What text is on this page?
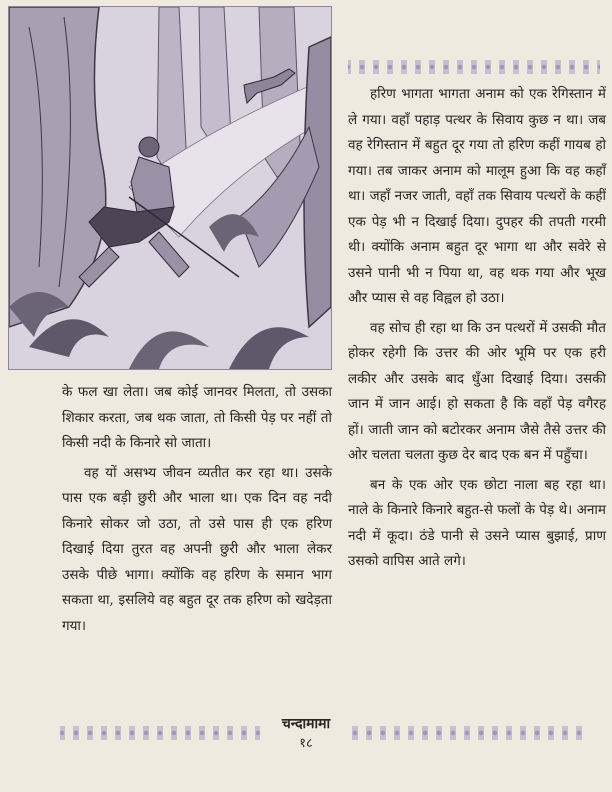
हरिण भागता भागता अनाम को एक रेगिस्तान में ले गया। वहाँ पहाड़ पत्थर के सिवाय कुछ न था। जब वह रेगिस्तान में बहुत दूर गया तो हरिण कहीं गायब हो गया। तब जाकर अनाम को मालूम हुआ कि वह कहाँ था। जहाँ नजर जाती, वहाँ तक सिवाय पत्थरों के कहीं एक पेड़ भी न दिखाई दिया। दुपहर की तपती गरमी थी। क्योंकि अनाम बहुत दूर भागा था और सवेरे से उसने पानी भी न पिया था, वह थक गया और भूख और प्यास से वह विह्वल हो उठा।

वह सोच ही रहा था कि उन पत्थरों में उसकी मौत होकर रहेगी कि उत्तर की ओर भूमि पर एक हरी लकीर और उसके बाद धुँआ दिखाई दिया। उसकी जान में जान आई। हो सकता है कि वहाँ पेड़ वगैरह हों। जाती जान को बटोरकर अनाम जैसे तैसे उत्तर की ओर चलता चलता कुछ देर बाद एक बन में पहुँचा।

बन के एक ओर एक छोटा नाला बह रहा था। नाले के किनारे किनारे बहुत-से फलों के पेड़ थे। अनाम नदी में कूदा। ठंडे पानी से उसने प्यास बुझाई, प्राण उसको वापिस आते लगे।

के फल खा लेता। जब कोई जानवर मिलता, तो उसका शिकार करता, जब थक जाता, तो किसी पेड़ पर नहीं तो किसी नदी के किनारे सो जाता।

वह यों असभ्य जीवन व्यतीत कर रहा था। उसके पास एक बड़ी छुरी और भाला था। एक दिन वह नदी किनारे सोकर जो उठा, तो उसे पास ही एक हरिण दिखाई दिया तुरत वह अपनी छुरी और भाला लेकर उसके पीछे भागा। क्योंकि वह हरिण के समान भाग सकता था, इसलिये वह बहुत दूर तक हरिण को खदेड़ता गया।

चन्दामामा
१८
